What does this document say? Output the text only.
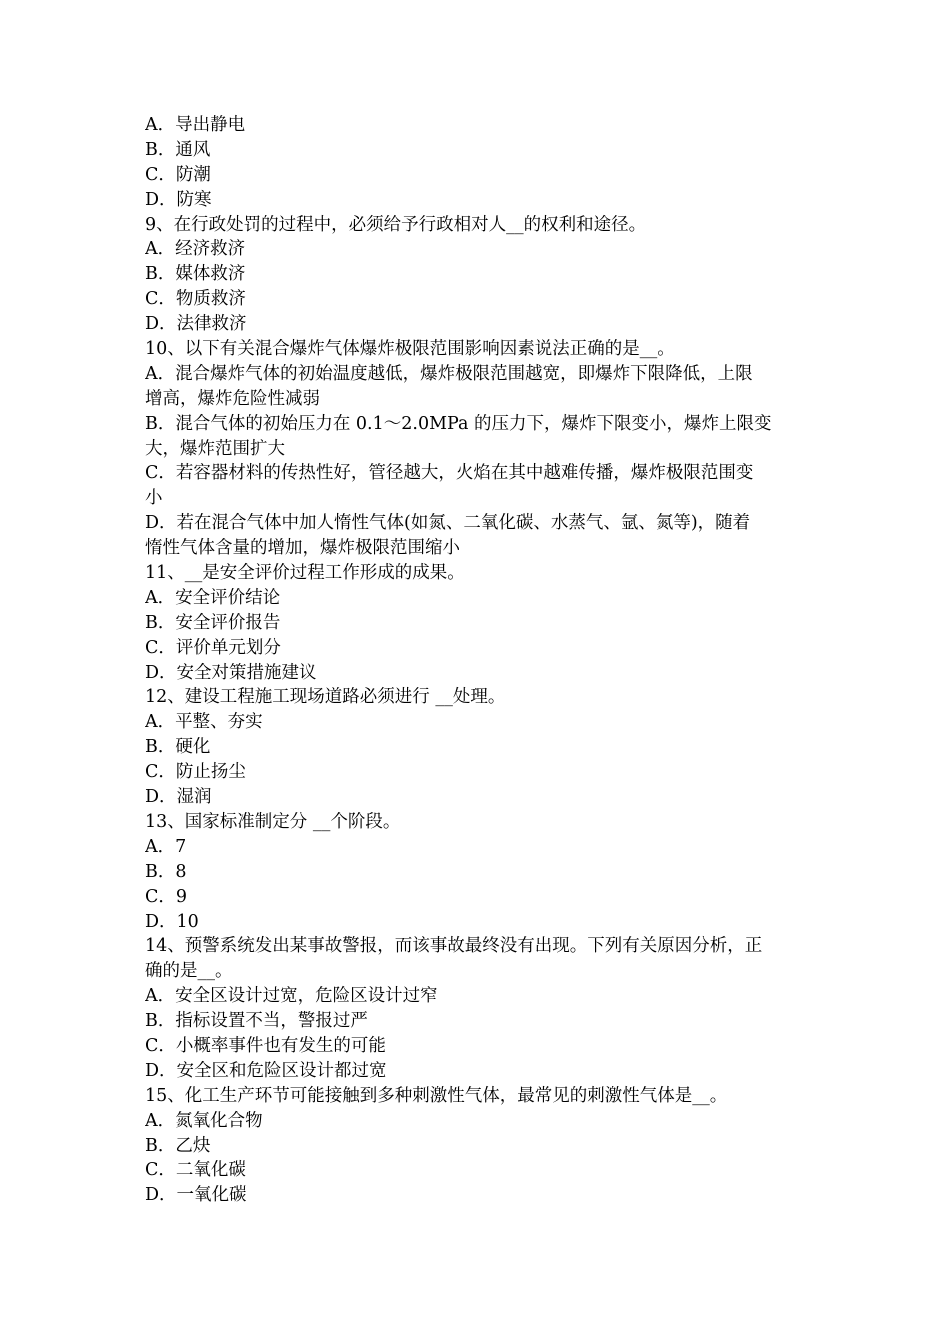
A．导出静电
B．通风
C．防潮
D．防寒
9、在行政处罚的过程中，必须给予行政相对人__的权利和途径。
A．经济救济
B．媒体救济
C．物质救济
D．法律救济
10、以下有关混合爆炸气体爆炸极限范围影响因素说法正确的是__。
A．混合爆炸气体的初始温度越低，爆炸极限范围越宽，即爆炸下限降低，上限
增高，爆炸危险性减弱
B．混合气体的初始压力在 0.1～2.0MPa 的压力下，爆炸下限变小，爆炸上限变
大，爆炸范围扩大
C．若容器材料的传热性好，管径越大，火焰在其中越难传播，爆炸极限范围变
小
D．若在混合气体中加人惰性气体(如氮、二氧化碳、水蒸气、氩、氮等)，随着
惰性气体含量的增加，爆炸极限范围缩小
11、__是安全评价过程工作形成的成果。
A．安全评价结论
B．安全评价报告
C．评价单元划分
D．安全对策措施建议
12、建设工程施工现场道路必须进行 __处理。
A．平整、夯实
B．硬化
C．防止扬尘
D．湿润
13、国家标准制定分 __个阶段。
A．7
B．8
C．9
D．10
14、预警系统发出某事故警报，而该事故最终没有出现。下列有关原因分析，正
确的是__。
A．安全区设计过宽，危险区设计过窄
B．指标设置不当，警报过严
C．小概率事件也有发生的可能
D．安全区和危险区设计都过宽
15、化工生产环节可能接触到多种刺激性气体，最常见的刺激性气体是__。
A．氮氧化合物
B．乙炔
C．二氧化碳
D．一氧化碳
